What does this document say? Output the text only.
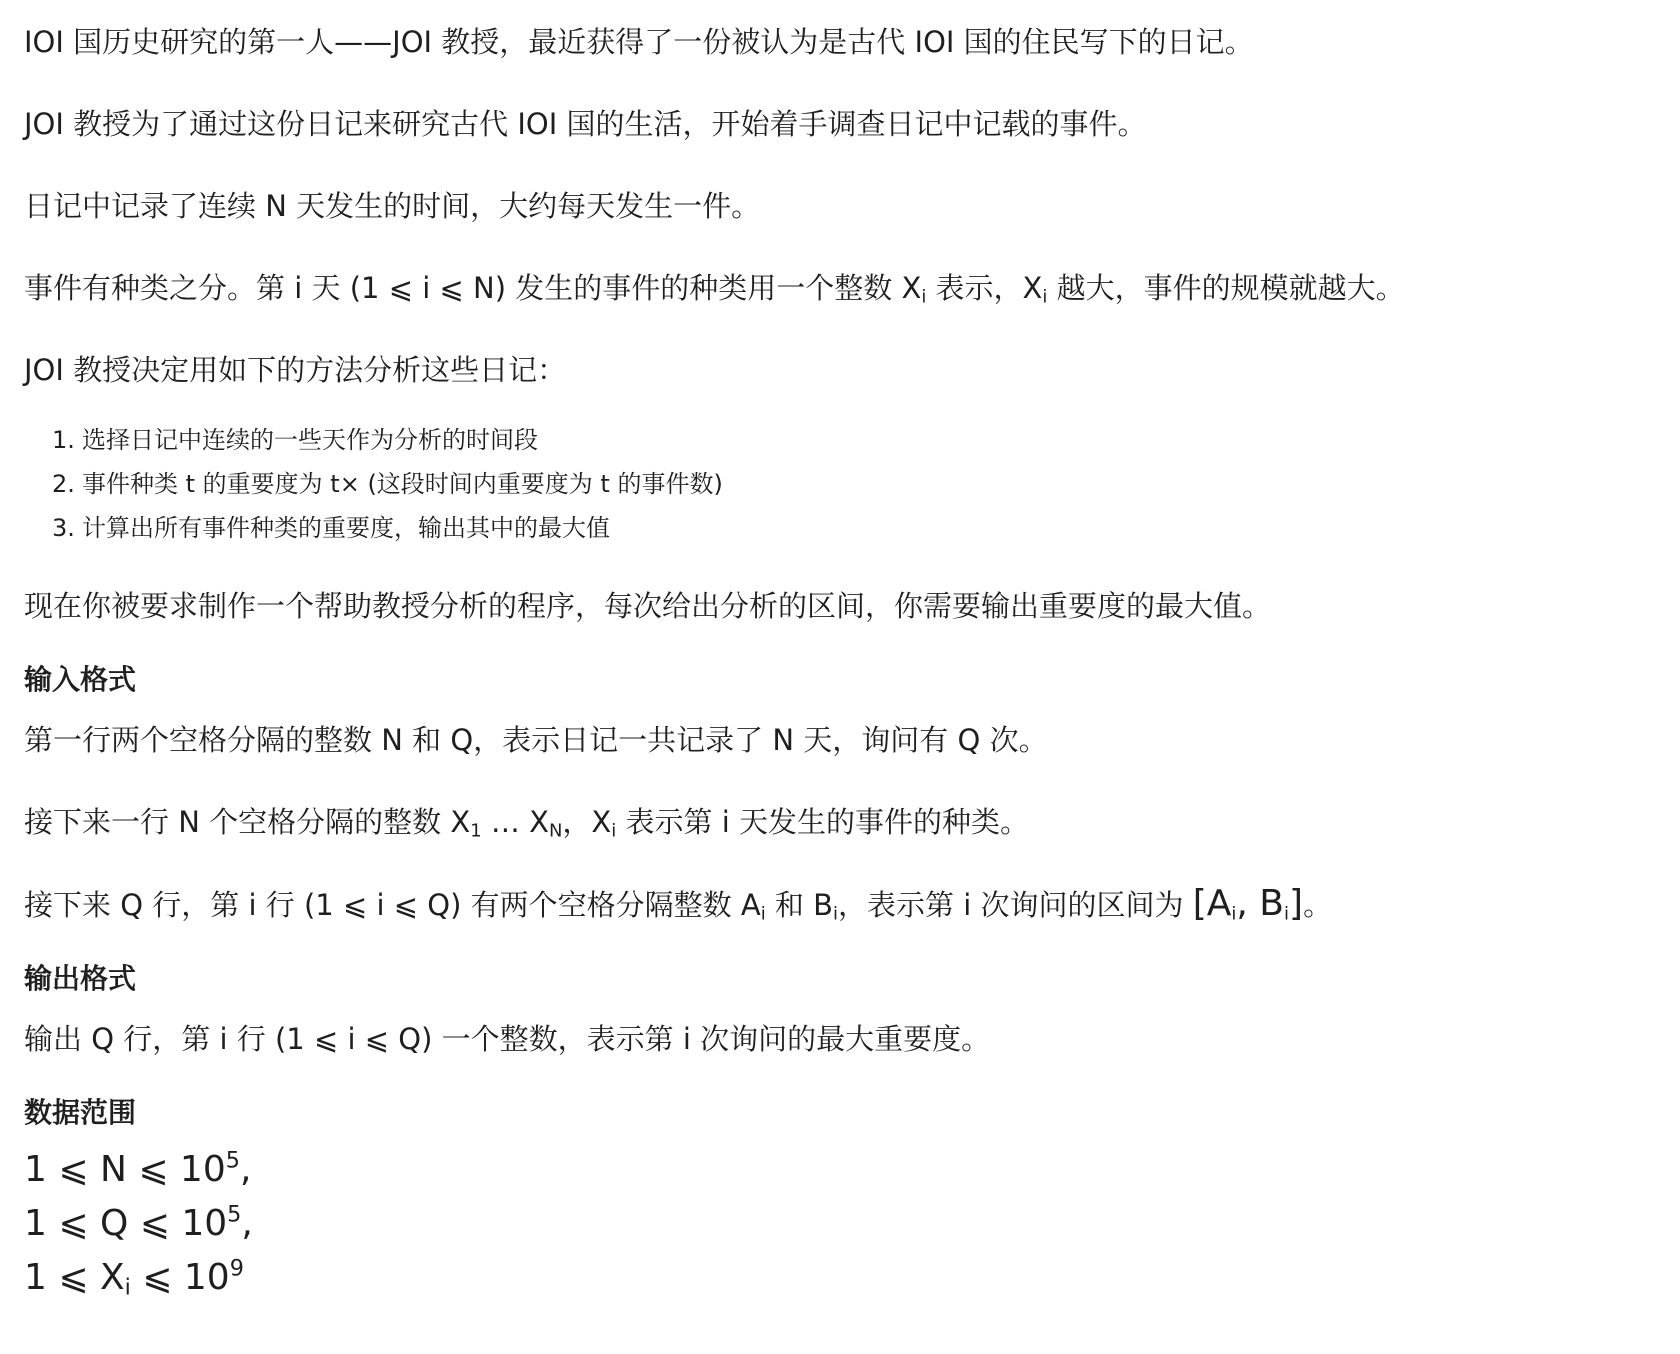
IOI 国历史研究的第一人——JOI 教授，最近获得了一份被认为是古代 IOI 国的住民写下的日记。
JOI 教授为了通过这份日记来研究古代 IOI 国的生活，开始着手调查日记中记载的事件。
日记中记录了连续 N 天发生的时间，大约每天发生一件。
事件有种类之分。第 i 天 (1 ⩽ i ⩽ N) 发生的事件的种类用一个整数 $X_i$ 表示，$X_i$ 越大，事件的规模就越大。
JOI 教授决定用如下的方法分析这些日记：
1. 选择日记中连续的一些天作为分析的时间段
2. 事件种类 t 的重要度为 t× (这段时间内重要度为 t 的事件数)
3. 计算出所有事件种类的重要度，输出其中的最大值
现在你被要求制作一个帮助教授分析的程序，每次给出分析的区间，你需要输出重要度的最大值。
输入格式
第一行两个空格分隔的整数 N 和 Q，表示日记一共记录了 N 天，询问有 Q 次。
接下来一行 N 个空格分隔的整数 $X_1$ … $X_N$，$X_i$ 表示第 i 天发生的事件的种类。
接下来 Q 行，第 i 行 (1 ⩽ i ⩽ Q) 有两个空格分隔整数 $A_i$ 和 $B_i$，表示第 i 次询问的区间为 [$A_i$, $B_i$]。
输出格式
输出 Q 行，第 i 行 (1 ⩽ i ⩽ Q) 一个整数，表示第 i 次询问的最大重要度。
数据范围
1 ⩽ N ⩽ $10^5$,
1 ⩽ Q ⩽ $10^5$,
1 ⩽ $X_i$ ⩽ $10^9$
